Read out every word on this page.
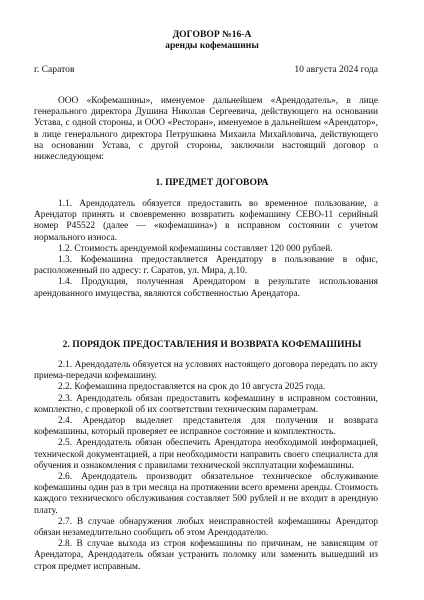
ДОГОВОР №16-А
аренды кофемашины
г. Саратов	10 августа 2024 года

ООО «Кофемашины», именуемое дальнейшем «Арендодатель», в лице генерального директора Душина Николая Сергеевича, действующего на основании Устава, с одной стороны, и ООО «Ресторан», именуемое в дальнейшем «Арендатор», в лице генерального директора Петрушкина Михаила Михайловича, действующего на основании Устава, с другой стороны, заключили настоящий договор о нижеследующем:

1. ПРЕДМЕТ ДОГОВОРА

1.1. Арендодатель обязуется предоставить во временное пользование, а Арендатор принять и своевременно возвратить кофемашину СЕВО-11 серийный номер Р45522 (далее — «кофемашина») в исправном состоянии с учетом нормального износа.

1.2. Стоимость арендуемой кофемашины составляет 120 000 рублей.

1.3. Кофемашина предоставляется Арендатору в пользование в офис, расположенный по адресу: г. Саратов, ул. Мира, д.10.

1.4. Продукция, полученная Арендатором в результате использования арендованного имущества, являются собственностью Арендатора.

2. ПОРЯДОК ПРЕДОСТАВЛЕНИЯ И ВОЗВРАТА КОФЕМАШИНЫ

2.1. Арендодатель обязуется на условиях настоящего договора передать по акту приема-передачи кофемашину.

2.2. Кофемашина предоставляется на срок до 10 августа 2025 года.

2.3. Арендодатель обязан предоставить кофемашину в исправном состоянии, комплектно, с проверкой об их соответствии техническим параметрам.

2.4. Арендатор выделяет представителя для получения и возврата кофемашины, который проверяет ее исправное состояние и комплектность.

2.5. Арендодатель обязан обеспечить Арендатора необходимой информацией, технической документацией, а при необходимости направить своего специалиста для обучения и ознакомления с правилами технической эксплуатации кофемашины.

2.6. Арендодатель производит обязательное техническое обслуживание кофемашины один раз в три месяца на протяжении всего времени аренды. Стоимость каждого технического обслуживания составляет 500 рублей и не входит в арендную плату.

2.7. В случае обнаружения любых неисправностей кофемашины Арендатор обязан незамедлительно сообщить об этом Арендодателю.

2.8. В случае выхода из строя кофемашины по причинам, не зависящим от Арендатора, Арендодатель обязан устранить поломку или заменить вышедший из строя предмет исправным.
